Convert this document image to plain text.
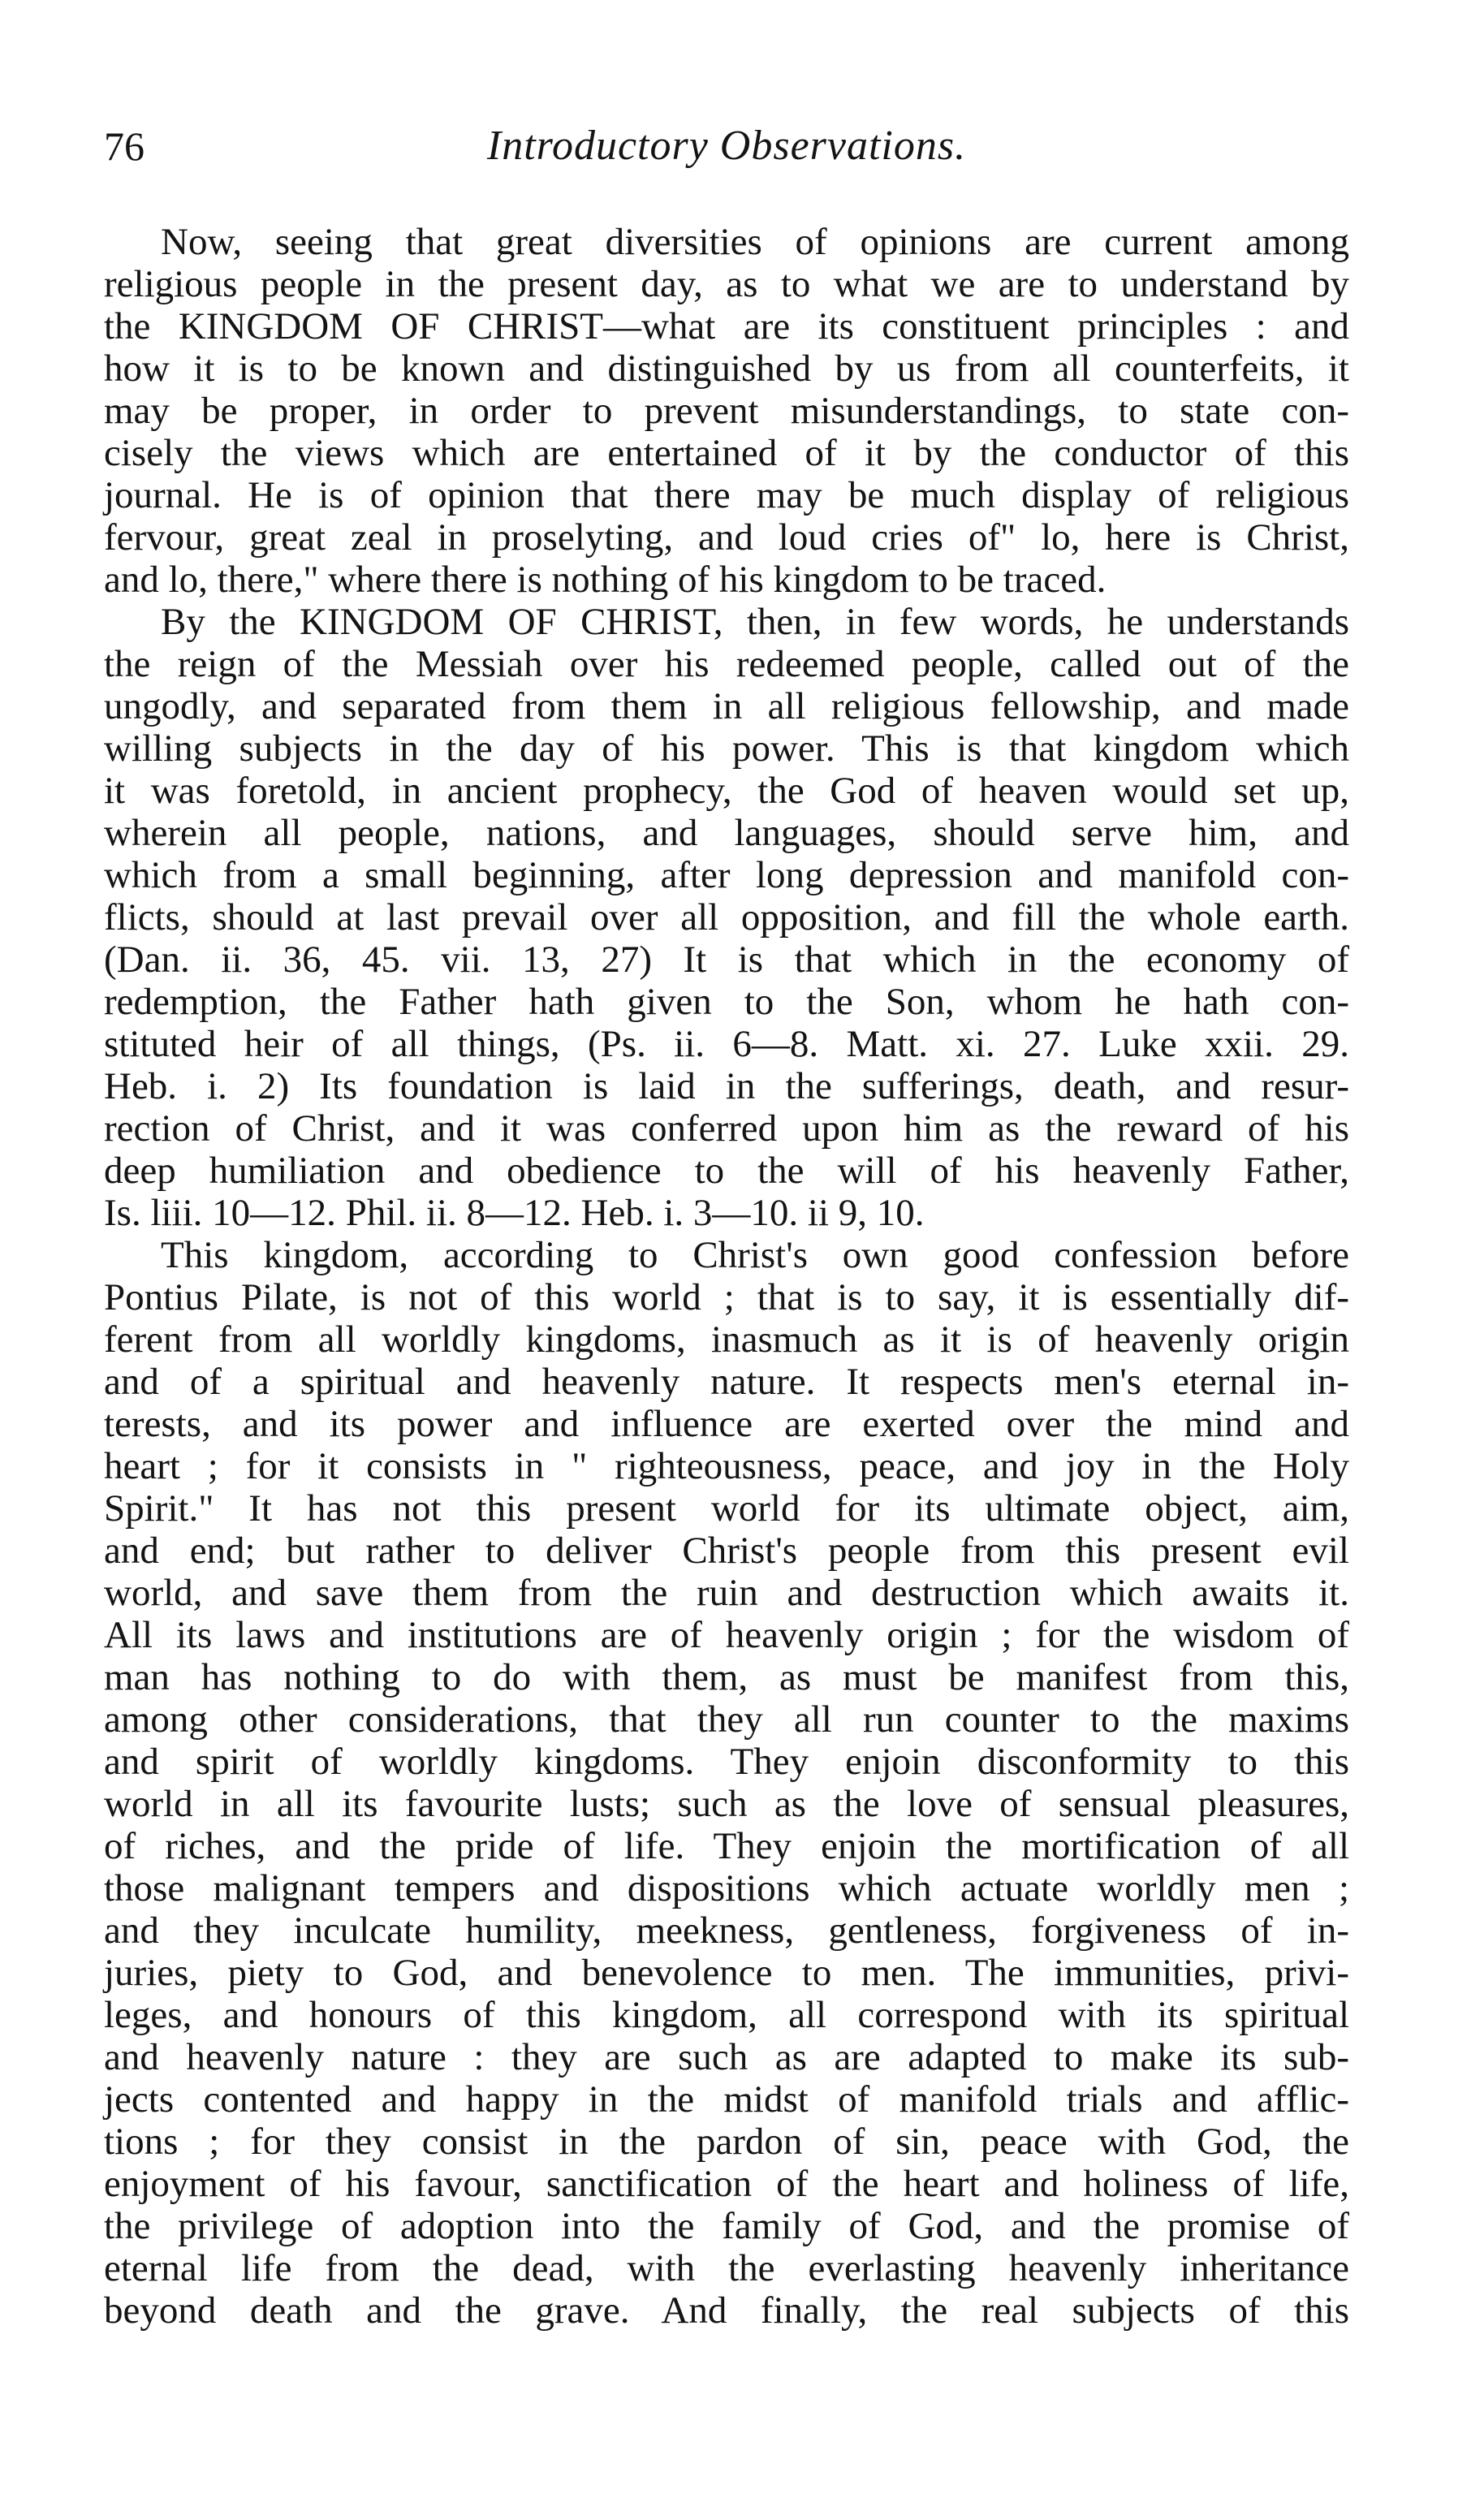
76	Introductory Observations.
Now, seeing that great diversities of opinions are current among
religious people in the present day, as to what we are to understand by
the KINGDOM OF CHRIST—what are its constituent principles : and
how it is to be known and distinguished by us from all counterfeits, it
may be proper, in order to prevent misunderstandings, to state con-
cisely the views which are entertained of it by the conductor of this
journal. He is of opinion that there may be much display of religious
fervour, great zeal in proselyting, and loud cries of" lo, here is Christ,
and lo, there," where there is nothing of his kingdom to be traced.
By the KINGDOM OF CHRIST, then, in few words, he understands
the reign of the Messiah over his redeemed people, called out of the
ungodly, and separated from them in all religious fellowship, and made
willing subjects in the day of his power. This is that kingdom which
it was foretold, in ancient prophecy, the God of heaven would set up,
wherein all people, nations, and languages, should serve him, and
which from a small beginning, after long depression and manifold con-
flicts, should at last prevail over all opposition, and fill the whole earth.
(Dan. ii. 36, 45. vii. 13, 27) It is that which in the economy of
redemption, the Father hath given to the Son, whom he hath con-
stituted heir of all things, (Ps. ii. 6—8. Matt. xi. 27. Luke xxii. 29.
Heb. i. 2) Its foundation is laid in the sufferings, death, and resur-
rection of Christ, and it was conferred upon him as the reward of his
deep humiliation and obedience to the will of his heavenly Father,
Is. liii. 10—12. Phil. ii. 8—12. Heb. i. 3—10. ii 9, 10.
This kingdom, according to Christ's own good confession before
Pontius Pilate, is not of this world ; that is to say, it is essentially dif-
ferent from all worldly kingdoms, inasmuch as it is of heavenly origin
and of a spiritual and heavenly nature. It respects men's eternal in-
terests, and its power and influence are exerted over the mind and
heart ; for it consists in " righteousness, peace, and joy in the Holy
Spirit." It has not this present world for its ultimate object, aim,
and end; but rather to deliver Christ's people from this present evil
world, and save them from the ruin and destruction which awaits it.
All its laws and institutions are of heavenly origin ; for the wisdom of
man has nothing to do with them, as must be manifest from this,
among other considerations, that they all run counter to the maxims
and spirit of worldly kingdoms. They enjoin disconformity to this
world in all its favourite lusts; such as the love of sensual pleasures,
of riches, and the pride of life. They enjoin the mortification of all
those malignant tempers and dispositions which actuate worldly men ;
and they inculcate humility, meekness, gentleness, forgiveness of in-
juries, piety to God, and benevolence to men. The immunities, privi-
leges, and honours of this kingdom, all correspond with its spiritual
and heavenly nature : they are such as are adapted to make its sub-
jects contented and happy in the midst of manifold trials and afflic-
tions ; for they consist in the pardon of sin, peace with God, the
enjoyment of his favour, sanctification of the heart and holiness of life,
the privilege of adoption into the family of God, and the promise of
eternal life from the dead, with the everlasting heavenly inheritance
beyond death and the grave. And finally, the real subjects of this
